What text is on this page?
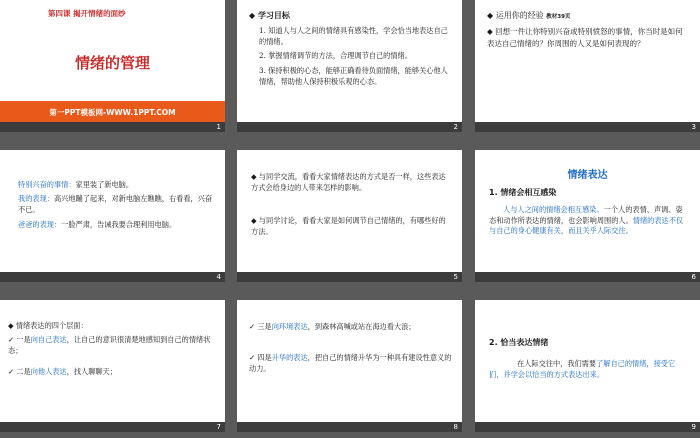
第四课 揭开情绪的面纱
情绪的管理
第一PPT模板网-WWW.1PPT.COM
1
◆ 学习目标
1. 知道人与人之间的情绪具有感染性，学会恰当地表达自己的情绪。
2. 掌握情绪调节的方法，合理调节自己的情绪。
3. 保持积极的心态，能够正确看待负面情绪，能够关心他人情绪，帮助他人保持积极乐观的心态。
2
◆ 运用你的经验 教材39页
◆ 回想一件让你特别兴奋或特别愤怒的事情，你当时是如何表达自己情绪的？你周围的人又是如何表现的？
3
特别兴奋的事情：家里装了新电脑。
我的表现：高兴地蹦了起来，对新电脑左瞧瞧，右看看，兴奋不已。
爸爸的表现：一脸严肃，告诫我要合理利用电脑。
4
◆ 与同学交流，看看大家情绪表达的方式是否一样，这些表达方式会给身边的人带来怎样的影响。
◆ 与同学讨论，看看大家是如何调节自己情绪的，有哪些好的方法。
5
情绪表达
1. 情绪会相互感染
人与人之间的情绪会相互感染。一个人的表情、声调、姿态和动作所表达的情绪，也会影响周围的人。情绪的表达不仅与自己的身心健康有关，而且关乎人际交往。
6
◆ 情绪表达的四个层面：
✓ 一是向自己表达，让自己的意识很清楚地感知到自己的情绪状态；
✓ 二是向他人表达，找人聊聊天；
7
✓ 三是向环境表达，到森林高喊或站在海边看大浪；
✓ 四是升华的表达，把自己的情绪升华为一种具有建设性意义的动力。
8
2. 恰当表达情绪
在人际交往中，我们需要了解自己的情绪，接受它们，并学会以恰当的方式表达出来。
9
